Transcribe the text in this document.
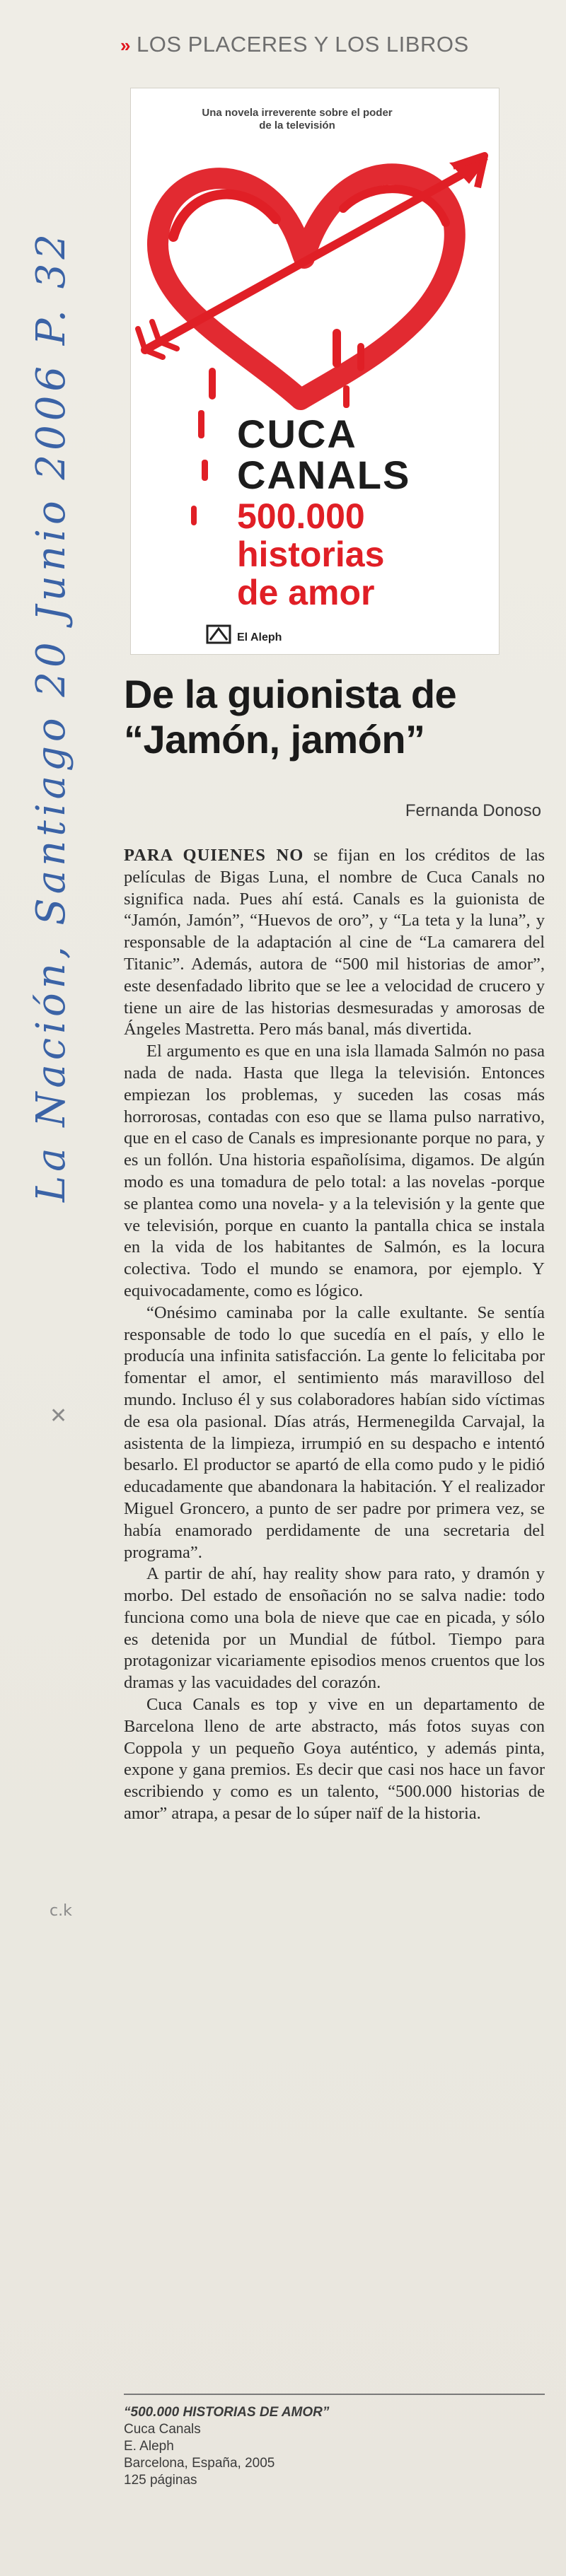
La Nación, Santiago 20 Junio 2006 P. 32
✕
c.k
» LOS PLACERES Y LOS LIBROS
Una novela irreverente sobre el poder de la televisión
CUCA
CANALS
500.000
historias
de amor
El Aleph
De la guionista de
“Jamón, jamón”
Fernanda Donoso

PARA QUIENES NO se fijan en los créditos de las películas de Bigas Luna, el nombre de Cuca Canals no significa nada. Pues ahí está. Canals es la guionista de “Jamón, Jamón”, “Huevos de oro”, y “La teta y la luna”, y responsable de la adaptación al cine de “La camarera del Titanic”. Además, autora de “500 mil historias de amor”, este desenfadado librito que se lee a velocidad de crucero y tiene un aire de las historias desmesuradas y amorosas de Ángeles Mastretta. Pero más banal, más divertida.

El argumento es que en una isla llamada Salmón no pasa nada de nada. Hasta que llega la televisión. Entonces empiezan los problemas, y suceden las cosas más horrorosas, contadas con eso que se llama pulso narrativo, que en el caso de Canals es impresionante porque no para, y es un follón. Una historia españolísima, digamos. De algún modo es una tomadura de pelo total: a las novelas -porque se plantea como una novela- y a la televisión y la gente que ve televisión, porque en cuanto la pantalla chica se instala en la vida de los habitantes de Salmón, es la locura colectiva. Todo el mundo se enamora, por ejemplo. Y equivocadamente, como es lógico.

“Onésimo caminaba por la calle exultante. Se sentía responsable de todo lo que sucedía en el país, y ello le producía una infinita satisfacción. La gente lo felicitaba por fomentar el amor, el sentimiento más maravilloso del mundo. Incluso él y sus colaboradores habían sido víctimas de esa ola pasional. Días atrás, Hermenegilda Carvajal, la asistenta de la limpieza, irrumpió en su despacho e intentó besarlo. El productor se apartó de ella como pudo y le pidió educadamente que abandonara la habitación. Y el realizador Miguel Groncero, a punto de ser padre por primera vez, se había enamorado perdidamente de una secretaria del programa”.

A partir de ahí, hay reality show para rato, y dramón y morbo. Del estado de ensoñación no se salva nadie: todo funciona como una bola de nieve que cae en picada, y sólo es detenida por un Mundial de fútbol. Tiempo para protagonizar vicariamente episodios menos cruentos que los dramas y las vacuidades del corazón.

Cuca Canals es top y vive en un departamento de Barcelona lleno de arte abstracto, más fotos suyas con Coppola y un pequeño Goya auténtico, y además pinta, expone y gana premios. Es decir que casi nos hace un favor escribiendo y como es un talento, “500.000 historias de amor” atrapa, a pesar de lo súper naïf de la historia.

“500.000 HISTORIAS DE AMOR”
Cuca Canals
E. Aleph
Barcelona, España, 2005
125 páginas
